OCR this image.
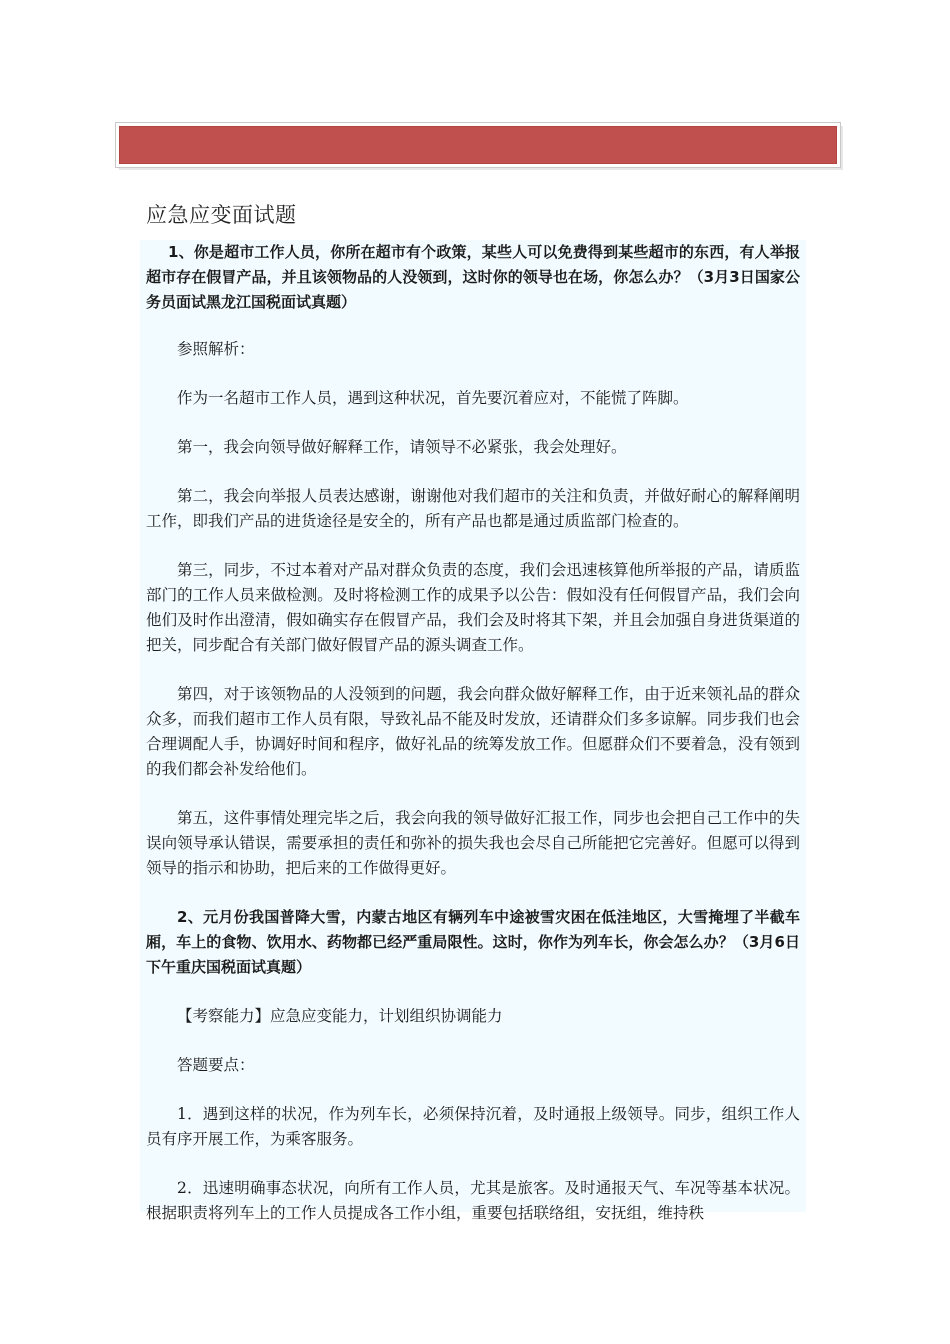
应急应变面试题

1、你是超市工作人员，你所在超市有个政策，某些人可以免费得到某些超市的东西，有人举报超市存在假冒产品，并且该领物品的人没领到，这时你的领导也在场，你怎么办？（3月3日国家公务员面试黑龙江国税面试真题）

参照解析：

作为一名超市工作人员，遇到这种状况，首先要沉着应对，不能慌了阵脚。

第一，我会向领导做好解释工作，请领导不必紧张，我会处理好。

第二，我会向举报人员表达感谢，谢谢他对我们超市的关注和负责，并做好耐心的解释阐明工作，即我们产品的进货途径是安全的，所有产品也都是通过质监部门检查的。

第三，同步，不过本着对产品对群众负责的态度，我们会迅速核算他所举报的产品，请质监部门的工作人员来做检测。及时将检测工作的成果予以公告：假如没有任何假冒产品，我们会向他们及时作出澄清，假如确实存在假冒产品，我们会及时将其下架，并且会加强自身进货渠道的把关，同步配合有关部门做好假冒产品的源头调查工作。

第四，对于该领物品的人没领到的问题，我会向群众做好解释工作，由于近来领礼品的群众众多，而我们超市工作人员有限，导致礼品不能及时发放，还请群众们多多谅解。同步我们也会合理调配人手，协调好时间和程序，做好礼品的统筹发放工作。但愿群众们不要着急，没有领到的我们都会补发给他们。

第五，这件事情处理完毕之后，我会向我的领导做好汇报工作，同步也会把自己工作中的失误向领导承认错误，需要承担的责任和弥补的损失我也会尽自己所能把它完善好。但愿可以得到领导的指示和协助，把后来的工作做得更好。

2、元月份我国普降大雪，内蒙古地区有辆列车中途被雪灾困在低洼地区，大雪掩埋了半截车厢，车上的食物、饮用水、药物都已经严重局限性。这时，你作为列车长，你会怎么办？（3月6日下午重庆国税面试真题）

【考察能力】应急应变能力，计划组织协调能力

答题要点：

1．遇到这样的状况，作为列车长，必须保持沉着，及时通报上级领导。同步，组织工作人员有序开展工作，为乘客服务。

2．迅速明确事态状况，向所有工作人员，尤其是旅客。及时通报天气、车况等基本状况。根据职责将列车上的工作人员提成各工作小组，重要包括联络组，安抚组，维持秩
